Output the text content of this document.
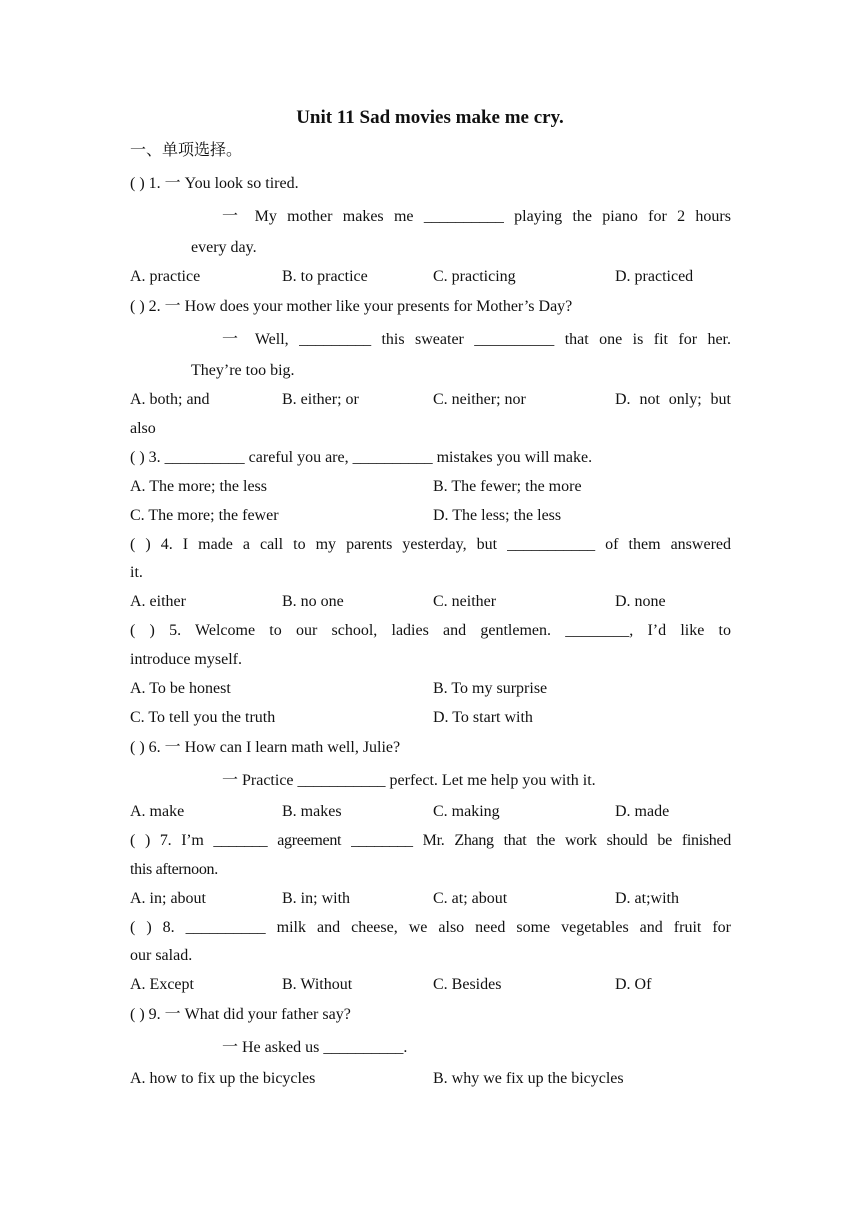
Unit 11 Sad movies make me cry.
一、单项选择。
( ) 1. 一 You look so tired.
一 My mother makes me __________ playing the piano for 2 hours
every day.
A. practice	B. to practice	C. practicing	D. practiced
( ) 2. 一 How does your mother like your presents for Mother’s Day?
一 Well, _________ this sweater __________ that one is fit for her.
They’re too big.
A. both; and	B. either; or	C. neither; nor	D. not only; but
also
( ) 3. __________ careful you are, __________ mistakes you will make.
A. The more; the less	B. The fewer; the more
C. The more; the fewer	D. The less; the less
( ) 4. I made a call to my parents yesterday, but ___________ of them answered
it.
A. either	B. no one	C. neither	D. none
( ) 5. Welcome to our school, ladies and gentlemen. ________, I’d like to
introduce myself.
A. To be honest	B. To my surprise
C. To tell you the truth	D. To start with
( ) 6. 一 How can I learn math well, Julie?
一 Practice ___________ perfect. Let me help you with it.
A. make	B. makes	C. making	D. made
( ) 7. I’m _______ agreement ________ Mr. Zhang that the work should be finished
this afternoon.
A. in; about	B. in; with	C. at; about	D. at;with
( ) 8. __________ milk and cheese, we also need some vegetables and fruit for
our salad.
A. Except	B. Without	C. Besides	D. Of
( ) 9. 一 What did your father say?
一 He asked us __________.
A. how to fix up the bicycles	B. why we fix up the bicycles
